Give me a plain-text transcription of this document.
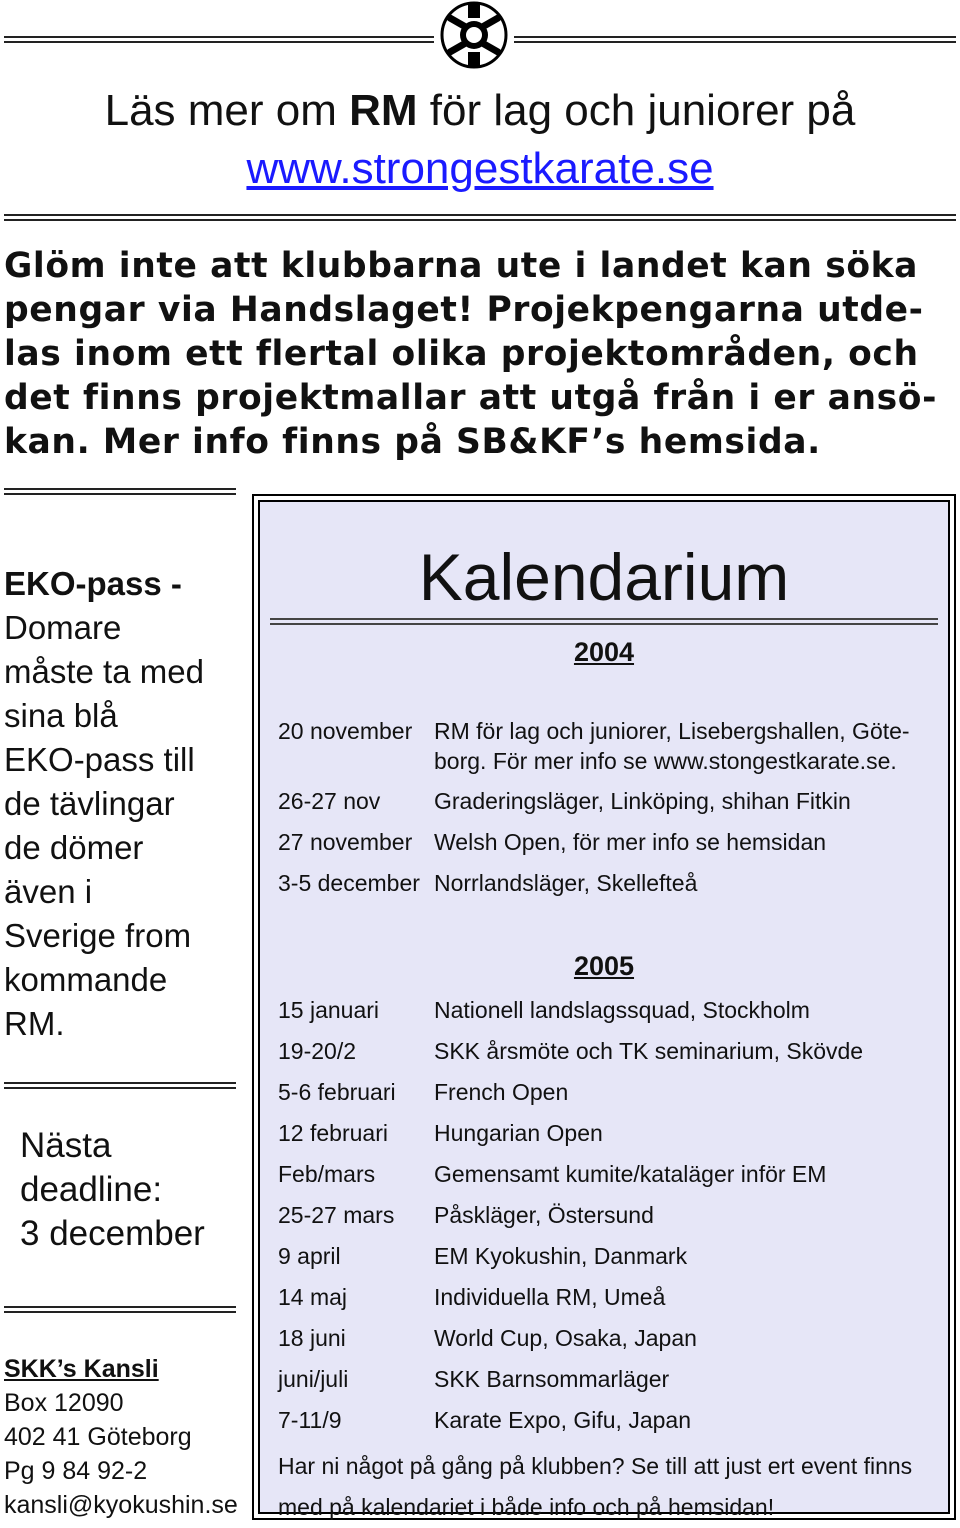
Läs mer om RM för lag och juniorer på
www.strongestkarate.se
Glöm inte att klubbarna ute i landet kan söka pengar via Handslaget! Projekpengarna utde-las inom ett flertal olika projektområden, och det finns projektmallar att utgå från i er ansö-kan. Mer info finns på SB&KF’s hemsida.
EKO-pass -
Domare
måste ta med
sina blå
EKO-pass till
de tävlingar
de dömer
även i
Sverige from
kommande
RM.
Nästa
deadline:
3 december
SKK’s Kansli
Box 12090
402 41 Göteborg
Pg 9 84 92-2
kansli@kyokushin.se
Kalendarium
2004
20 november RM för lag och juniorer, Lisebergshallen, Göte-
borg. För mer info se www.stongestkarate.se.
26-27 nov Graderingsläger, Linköping, shihan Fitkin
27 november Welsh Open, för mer info se hemsidan
3-5 december Norrlandsläger, Skellefteå
2005
15 januari Nationell landslagssquad, Stockholm
19-20/2	SKK årsmöte och TK seminarium, Skövde
5-6 februari French Open
12 februari Hungarian Open
Feb/mars	Gemensamt kumite/kataläger inför EM
25-27 mars Påskläger, Östersund
9 april	EM Kyokushin, Danmark
14 maj	Individuella RM, Umeå
18 juni	World Cup, Osaka, Japan
juni/juli	SKK Barnsommarläger
7-11/9	Karate Expo, Gifu, Japan
Har ni något på gång på klubben? Se till att just ert event finns
med på kalendariet i både info och på hemsidan!
